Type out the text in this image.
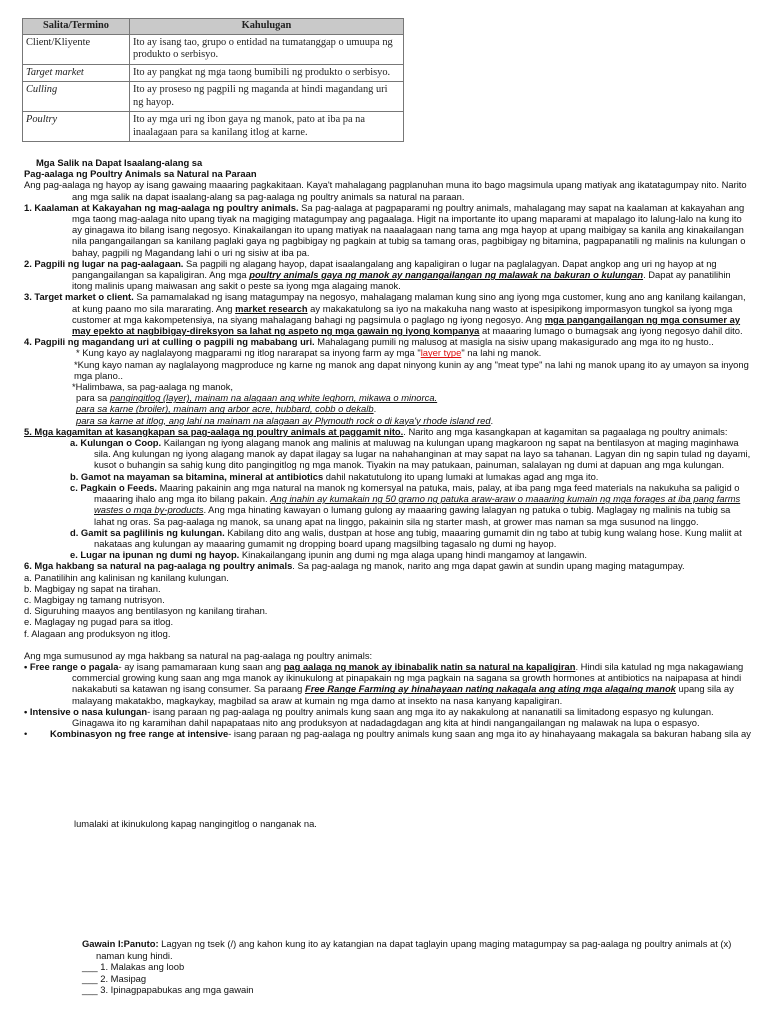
Salita/Termino	Kahulugan
Client/Kliyente	Ito ay isang tao, grupo o entidad na tumatanggap o umuupa ng produkto o serbisyo.
Target market	Ito ay pangkat ng mga taong bumibili ng produkto o serbisyo.
Culling	Ito ay proseso ng pagpili ng maganda at hindi magandang uri ng hayop.
Poultry	Ito ay mga uri ng ibon gaya ng manok, pato at iba pa na inaalagaan para sa kanilang itlog at karne.

Mga Salik na Dapat Isaalang-alang sa

Pag-aalaga ng Poultry Animals sa Natural na Paraan

Ang pag-aalaga ng hayop ay isang gawaing maaaring pagkakitaan. Kaya't mahalagang pagplanuhan muna ito bago magsimula upang matiyak ang ikatatagumpay nito. Narito ang mga salik na dapat isaalang-alang sa pag-aalaga ng poultry animals sa natural na paraan.

1. Kaalaman at Kakayahan ng mag-aalaga ng poultry animals. Sa pag-aalaga at pagpaparami ng poultry animals, mahalagang may sapat na kaalaman at kakayahan ang mga taong mag-aalaga nito upang tiyak na magiging matagumpay ang pagaalaga. Higit na importante ito upang maparami at mapalago ito lalung-lalo na kung ito ay ginagawa ito bilang isang negosyo. Kinakailangan ito upang matiyak na naaalagaan nang tama ang mga hayop at upang maibigay sa kanila ang kinakailangan nila pangangailangan sa kanilang paglaki gaya ng pagbibigay ng pagkain at tubig sa tamang oras, pagbibigay ng bitamina, pagpapanatili ng malinis na kulungan o bahay, pagpili ng Magandang lahi o uri ng sisiw at iba pa.

2. Pagpili ng lugar na pag-aalagaan. Sa pagpili ng alagang hayop, dapat isaalangalang ang kapaligiran o lugar na paglalagyan. Dapat angkop ang uri ng hayop at ng pangangailangan sa kapaligiran. Ang mga poultry animals gaya ng manok ay nangangailangan ng malawak na bakuran o kulungan. Dapat ay panatilihin itong malinis upang maiwasan ang sakit o peste sa iyong mga alagaing manok.

3. Target market o client. Sa pamamalakad ng isang matagumpay na negosyo, mahalagang malaman kung sino ang iyong mga customer, kung ano ang kanilang kailangan, at kung paano mo sila mararating. Ang market research ay makakatulong sa iyo na makakuha nang wasto at ispesipikong impormasyon tungkol sa iyong mga customer at mga kakompetensiya, na siyang mahalagang bahagi ng pagsimula o paglago ng iyong negosyo. Ang mga pangangailangan ng mga consumer ay may epekto at nagbibigay-direksyon sa lahat ng aspeto ng mga gawain ng iyong kompanya at maaaring lumago o bumagsak ang iyong negosyo dahil dito.

4. Pagpili ng magandang uri at culling o pagpili ng mababang uri. Mahalagang pumili ng malusog at masigla na sisiw upang makasigurado ang mga ito ng husto..

* Kung kayo ay naglalayong magparami ng itlog nararapat sa inyong farm ay mga "layer type" na lahi ng manok.

*Kung kayo naman ay naglalayong magproduce ng karne ng manok ang dapat ninyong kunin ay ang "meat type" na lahi ng manok upang ito ay umayon sa inyong mga plano..

*Halimbawa, sa pag-aalaga ng manok,

para sa pangingitlog (layer), mainam na alagaan ang white leghorn, mikawa o minorca.

para sa karne (broiler), mainam ang arbor acre, hubbard, cobb o dekalb.

para sa karne at itlog, ang lahi na mainam na alagaan ay Plymouth rock o di kaya'y rhode island red.

5. Mga kagamitan at kasangkapan sa pag-aalaga ng poultry animals at paggamit nito.. Narito ang mga kasangkapan at kagamitan sa pagaalaga ng poultry animals:

a. Kulungan o Coop. Kailangan ng iyong alagang manok ang malinis at maluwag na kulungan upang magkaroon ng sapat na bentilasyon at maging maginhawa sila. Ang kulungan ng iyong alagang manok ay dapat ilagay sa lugar na nahahanginan at may sapat na layo sa tahanan. Lagyan din ng sapin tulad ng dayami, kusot o buhangin sa sahig kung dito pangingitlog ng mga manok. Tiyakin na may patukaan, painuman, salalayan ng dumi at dapuan ang mga kulungan.

b. Gamot na mayaman sa bitamina, mineral at antibiotics dahil nakatutulong ito upang lumaki at lumakas agad ang mga ito.

c. Pagkain o Feeds. Maaring pakainin ang mga natural na manok ng komersyal na patuka, mais, palay, at iba pang mga feed materials na nakukuha sa paligid o maaaring ihalo ang mga ito bilang pakain. Ang inahin ay kumakain ng 50 gramo ng patuka araw-araw o maaaring kumain ng mga forages at iba pang farms wastes o mga by-products. Ang mga hinating kawayan o lumang gulong ay maaaring gawing lalagyan ng patuka o tubig. Maglagay ng malinis na tubig sa lahat ng oras. Sa pag-aalaga ng manok, sa unang apat na linggo, pakainin sila ng starter mash, at grower mas naman sa mga susunod na linggo.

d. Gamit sa paglilinis ng kulungan. Kabilang dito ang walis, dustpan at hose ang tubig, maaaring gumamit din ng tabo at tubig kung walang hose. Kung maliit at nakataas ang kulungan ay maaaring gumamit ng dropping board upang magsilbing tagasalo ng dumi ng hayop.

e. Lugar na ipunan ng dumi ng hayop. Kinakailangang ipunin ang dumi ng mga alaga upang hindi mangamoy at langawin.

6. Mga hakbang sa natural na pag-aalaga ng poultry animals. Sa pag-aalaga ng manok, narito ang mga dapat gawin at sundin upang maging matagumpay.

a. Panatilihin ang kalinisan ng kanilang kulungan.

b. Magbigay ng sapat na tirahan.

c. Magbigay ng tamang nutrisyon.

d. Siguruhing maayos ang bentilasyon ng kanilang tirahan.

e. Maglagay ng pugad para sa itlog.

f. Alagaan ang produksyon ng itlog.

Ang mga sumusunod ay mga hakbang sa natural na pag-aalaga ng poultry animals:

• Free range o pagala- ay isang pamamaraan kung saan ang pag aalaga ng manok ay ibinabalik natin sa natural na kapaligiran. Hindi sila katulad ng mga nakagawiang commercial growing kung saan ang mga manok ay ikinukulong at pinapakain ng mga pagkain na sagana sa growth hormones at antibiotics na naipapasa at hindi nakakabuti sa katawan ng isang consumer. Sa paraang Free Range Farming ay hinahayaan nating nakagala ang ating mga alagaing manok upang sila ay malayang makatakbo, magkaykay, magbilad sa araw at kumain ng mga damo at insekto na nasa kanyang kapaligiran.

• Intensive o nasa kulungan- isang paraan ng pag-aalaga ng poultry animals kung saan ang mga ito ay nakakulong at nananatili sa limitadong espasyo ng kulungan. Ginagawa ito ng karamihan dahil napapataas nito ang produksyon at nadadagdagan ang kita at hindi nangangailangan ng malawak na lupa o espasyo.

•	Kombinasyon ng free range at intensive- isang paraan ng pag-aalaga ng poultry animals kung saan ang mga ito ay hinahayaang makagala sa bakuran habang sila ay
lumalaki at ikinukulong kapag nangingitlog o nanganak na.

Gawain I:Panuto: Lagyan ng tsek (/) ang kahon kung ito ay katangian na dapat taglayin upang maging matagumpay sa pag-aalaga ng poultry animals at (x) naman kung hindi.

___ 1. Malakas ang loob

___ 2. Masipag

___ 3. Ipinagpapabukas ang mga gawain
